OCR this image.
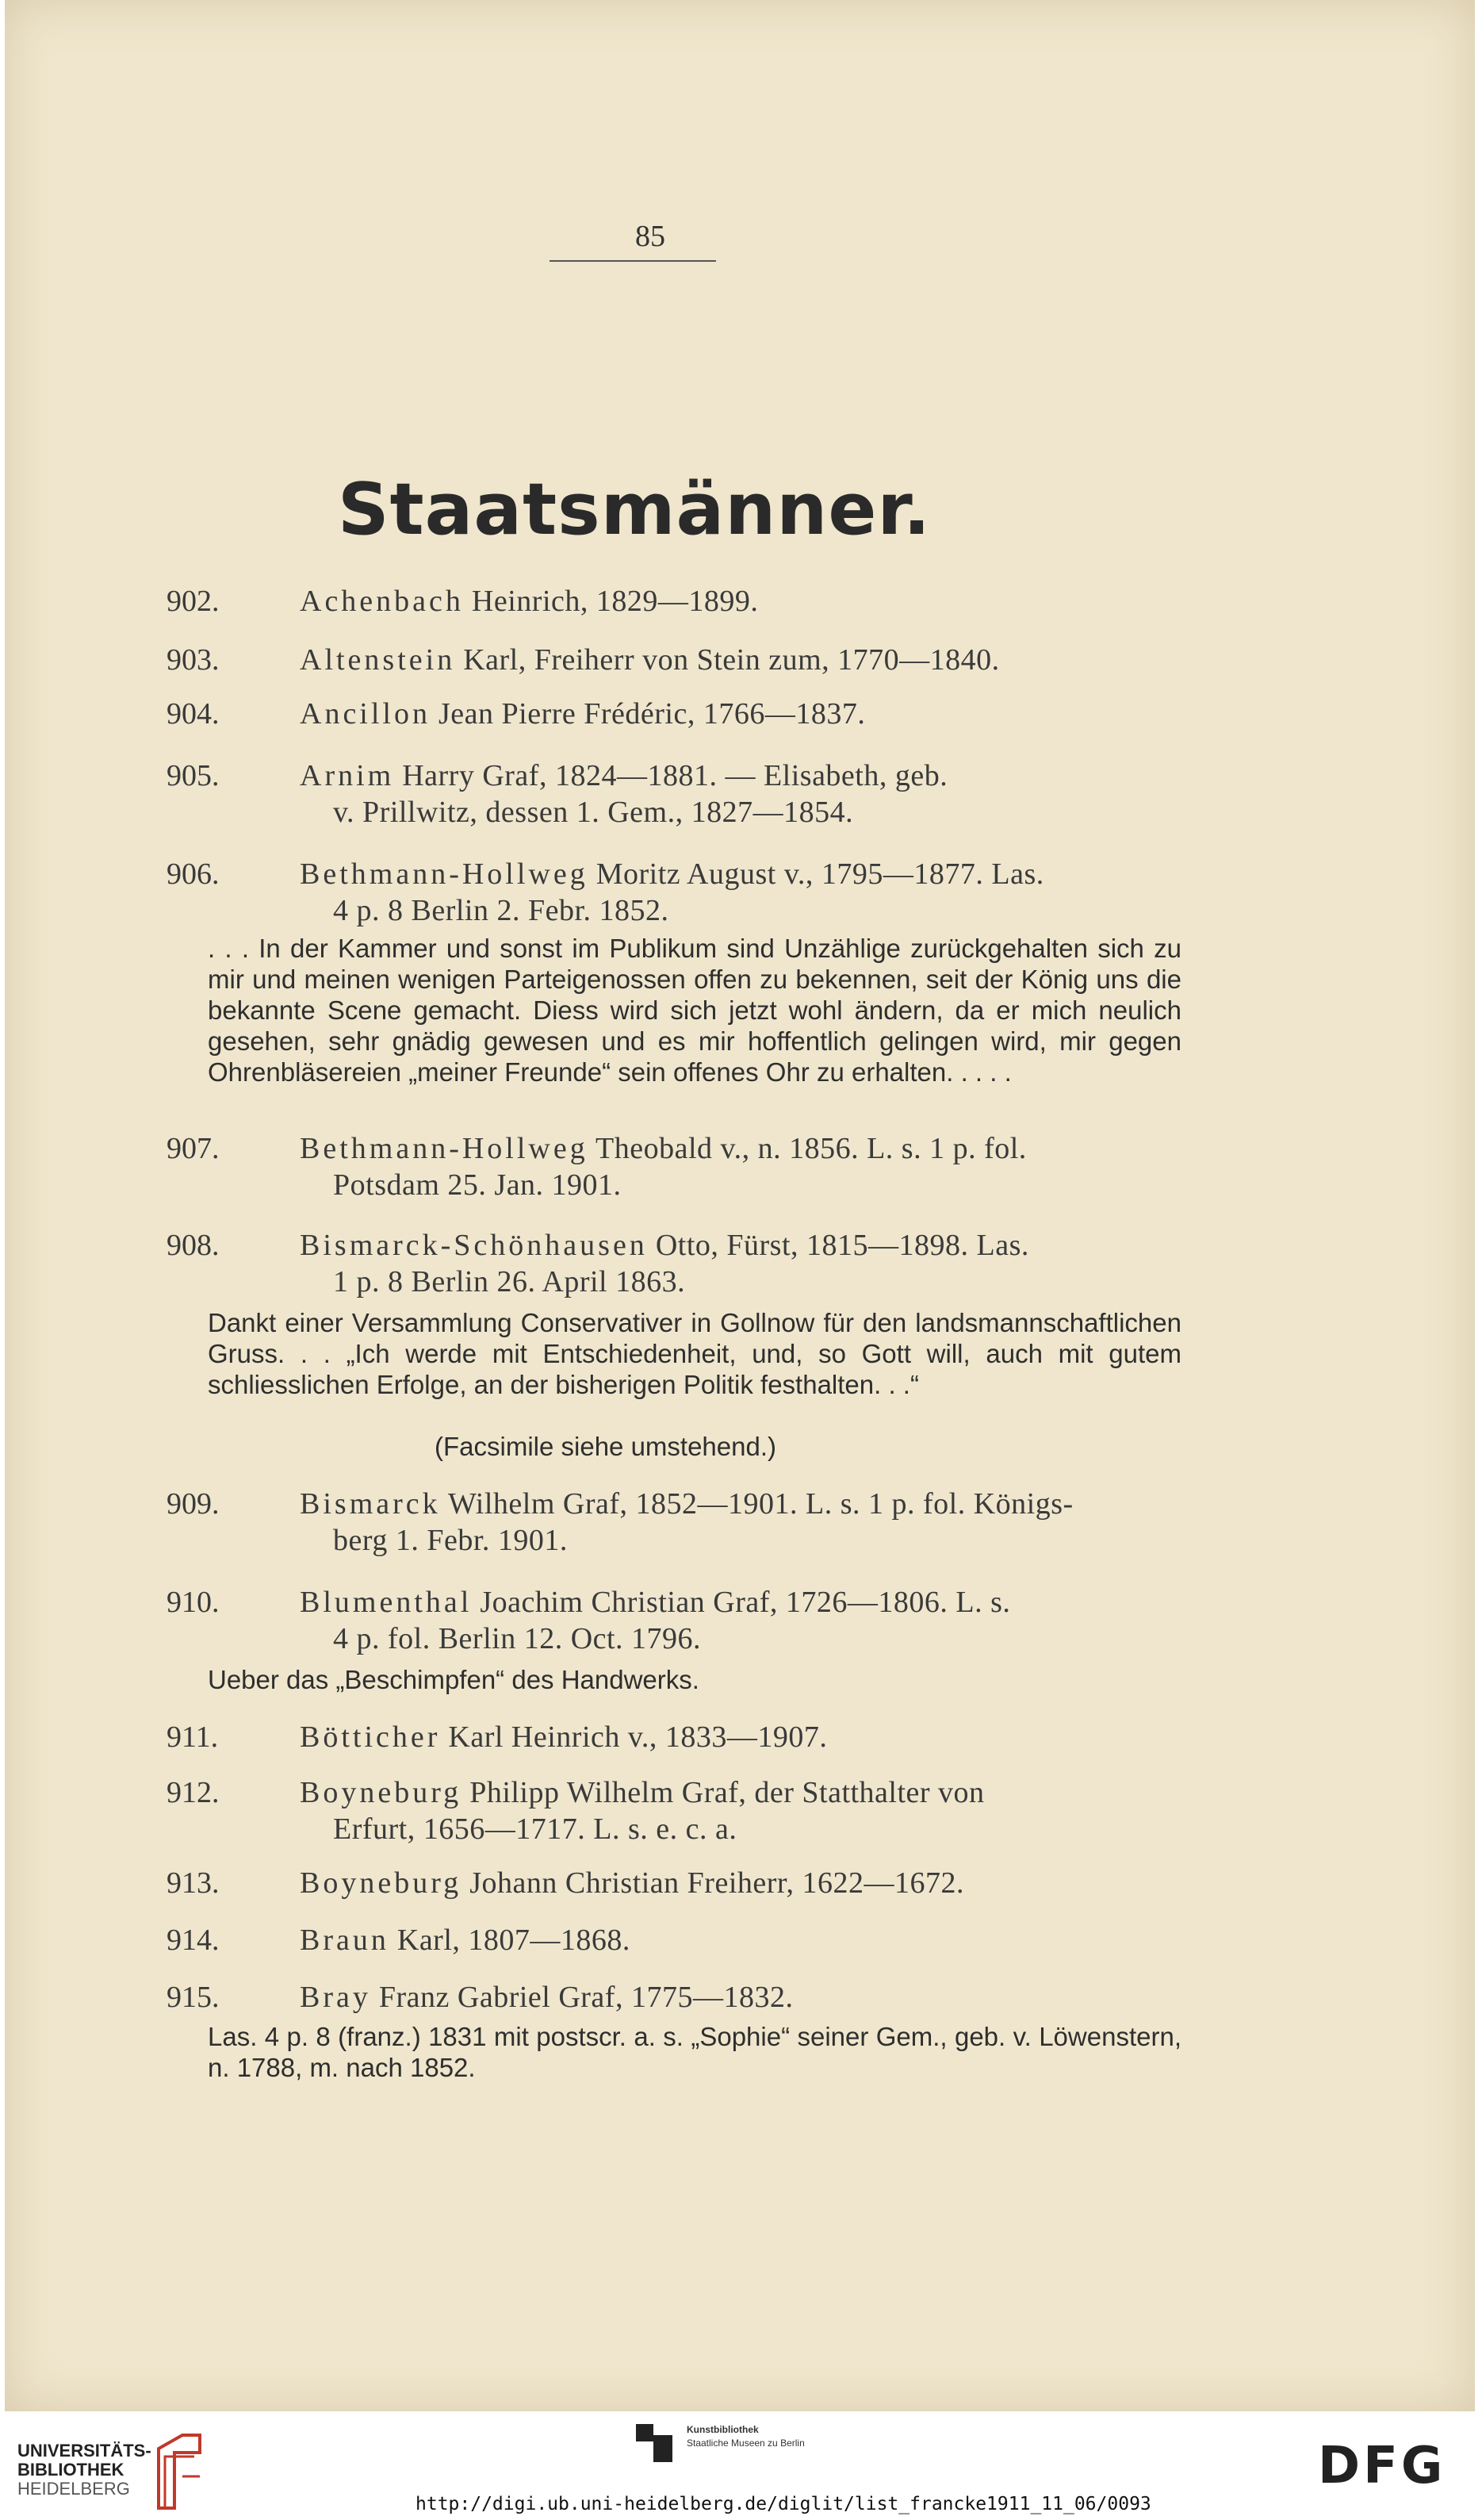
85
Staatsmänner.
902.	Achenbach Heinrich, 1829—1899.
903.	Altenstein Karl, Freiherr von Stein zum, 1770—1840.
904.	Ancillon Jean Pierre Frédéric, 1766—1837.
905.	Arnim Harry Graf, 1824—1881. — Elisabeth, geb.
v. Prillwitz, dessen 1. Gem., 1827—1854.
906.	Bethmann-Hollweg Moritz August v., 1795—1877. Las.
4 p. 8 Berlin 2. Febr. 1852.
. . . In der Kammer und sonst im Publikum sind Unzählige zurückgehalten sich zu mir und meinen wenigen Parteigenossen offen zu bekennen, seit der König uns die bekannte Scene gemacht. Diess wird sich jetzt wohl ändern, da er mich neulich gesehen, sehr gnädig gewesen und es mir hoffentlich gelingen wird, mir gegen Ohrenbläsereien „meiner Freunde“ sein offenes Ohr zu erhalten. . . . .
907.	Bethmann-Hollweg Theobald v., n. 1856. L. s. 1 p. fol.
Potsdam 25. Jan. 1901.
908.	Bismarck-Schönhausen Otto, Fürst, 1815—1898. Las.
1 p. 8 Berlin 26. April 1863.
Dankt einer Versammlung Conservativer in Gollnow für den landsmannschaftlichen Gruss. . . „Ich werde mit Entschiedenheit, und, so Gott will, auch mit gutem schliesslichen Erfolge, an der bisherigen Politik festhalten. . .“
(Facsimile siehe umstehend.)
909.	Bismarck Wilhelm Graf, 1852—1901. L. s. 1 p. fol. Königs-
berg 1. Febr. 1901.
910.	Blumenthal Joachim Christian Graf, 1726—1806. L. s.
4 p. fol. Berlin 12. Oct. 1796.
Ueber das „Beschimpfen“ des Handwerks.
911.	Bötticher Karl Heinrich v., 1833—1907.
912.	Boyneburg Philipp Wilhelm Graf, der Statthalter von
Erfurt, 1656—1717. L. s. e. c. a.
913.	Boyneburg Johann Christian Freiherr, 1622—1672.
914.	Braun Karl, 1807—1868.
915.	Bray Franz Gabriel Graf, 1775—1832.
Las. 4 p. 8 (franz.) 1831 mit postscr. a. s. „Sophie“ seiner Gem., geb. v. Löwenstern, n. 1788, m. nach 1852.
UNIVERSITÄTS-
BIBLIOTHEK
HEIDELBERG
Kunstbibliothek
Staatliche Museen zu Berlin	DFG
http://digi.ub.uni-heidelberg.de/diglit/list_francke1911_11_06/0093
